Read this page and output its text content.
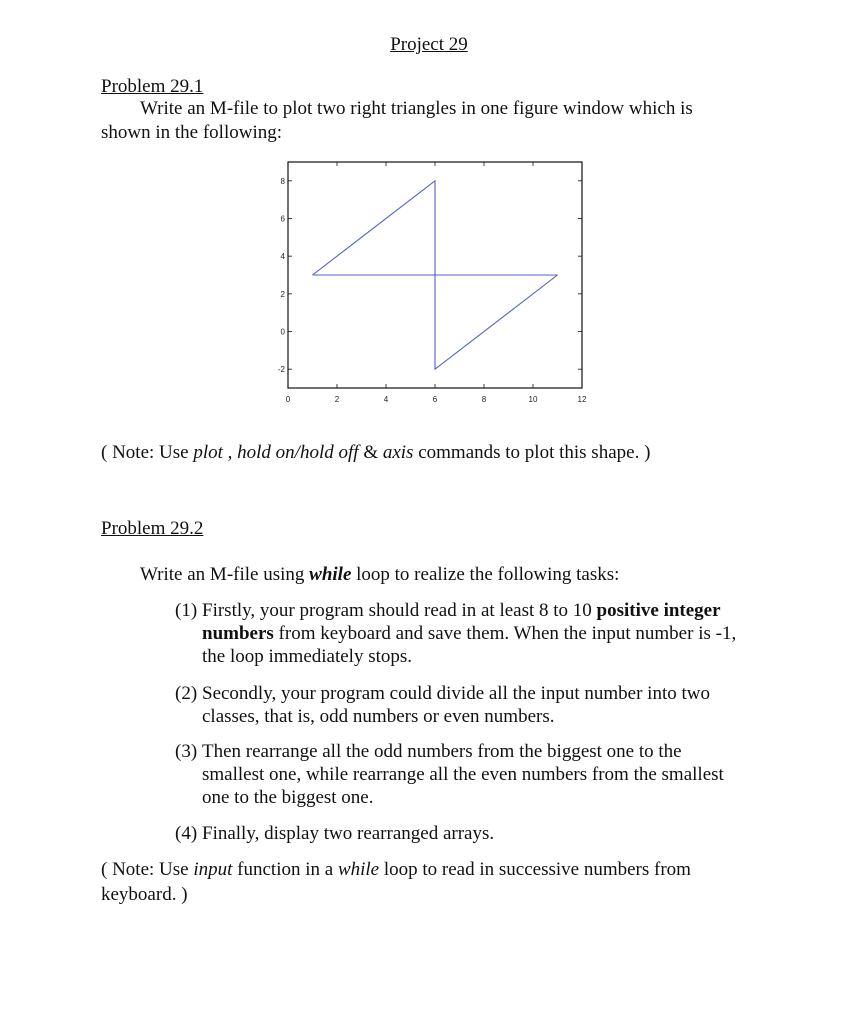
Project 29
Problem 29.1
Write an M-file to plot two right triangles in one figure window which is
shown in the following:
0	2	4	6	8	10	12
-2
0
2
4
6
8
( Note: Use plot , hold on/hold off & axis commands to plot this shape. )
Problem 29.2
Write an M-file using while loop to realize the following tasks:
(1) Firstly, your program should read in at least 8 to 10 positive integer
numbers from keyboard and save them. When the input number is -1,
the loop immediately stops.
(2) Secondly, your program could divide all the input number into two
classes, that is, odd numbers or even numbers.
(3) Then rearrange all the odd numbers from the biggest one to the
smallest one, while rearrange all the even numbers from the smallest
one to the biggest one.
(4) Finally, display two rearranged arrays.
( Note: Use input function in a while loop to read in successive numbers from
keyboard. )
